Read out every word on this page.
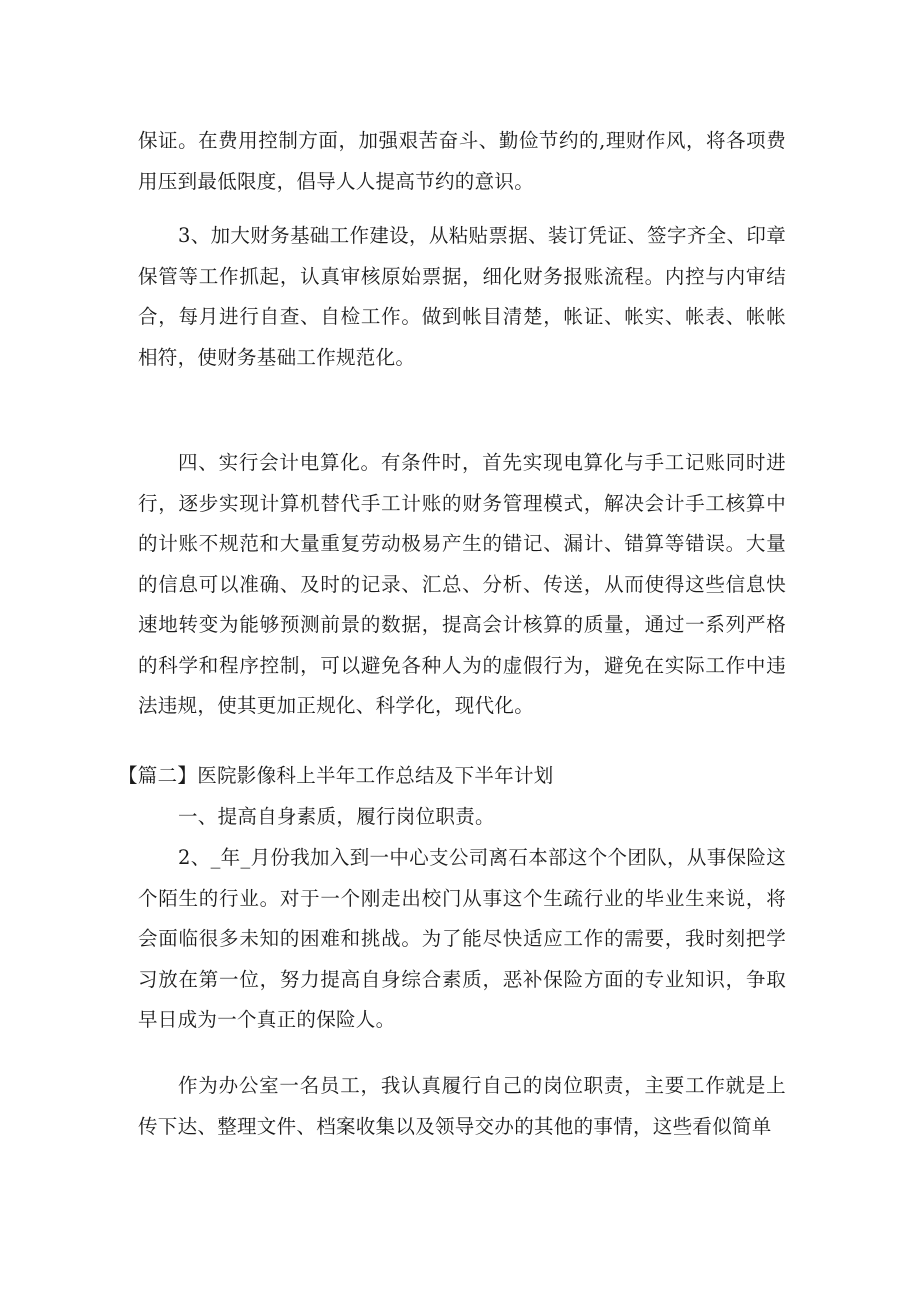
保证。在费用控制方面，加强艰苦奋斗、勤俭节约的,理财作风，将各项费用压到最低限度，倡导人人提高节约的意识。

3、加大财务基础工作建设，从粘贴票据、装订凭证、签字齐全、印章保管等工作抓起，认真审核原始票据，细化财务报账流程。内控与内审结合，每月进行自查、自检工作。做到帐目清楚，帐证、帐实、帐表、帐帐相符，使财务基础工作规范化。

四、实行会计电算化。有条件时，首先实现电算化与手工记账同时进行，逐步实现计算机替代手工计账的财务管理模式，解决会计手工核算中的计账不规范和大量重复劳动极易产生的错记、漏计、错算等错误。大量的信息可以准确、及时的记录、汇总、分析、传送，从而使得这些信息快速地转变为能够预测前景的数据，提高会计核算的质量，通过一系列严格的科学和程序控制，可以避免各种人为的虚假行为，避免在实际工作中违法违规，使其更加正规化、科学化，现代化。

【篇二】医院影像科上半年工作总结及下半年计划

一、提高自身素质，履行岗位职责。

2、_年_月份我加入到一中心支公司离石本部这个个团队，从事保险这个陌生的行业。对于一个刚走出校门从事这个生疏行业的毕业生来说，将会面临很多未知的困难和挑战。为了能尽快适应工作的需要，我时刻把学习放在第一位，努力提高自身综合素质，恶补保险方面的专业知识，争取早日成为一个真正的保险人。

作为办公室一名员工，我认真履行自己的岗位职责，主要工作就是上传下达、整理文件、档案收集以及领导交办的其他的事情，这些看似简单
